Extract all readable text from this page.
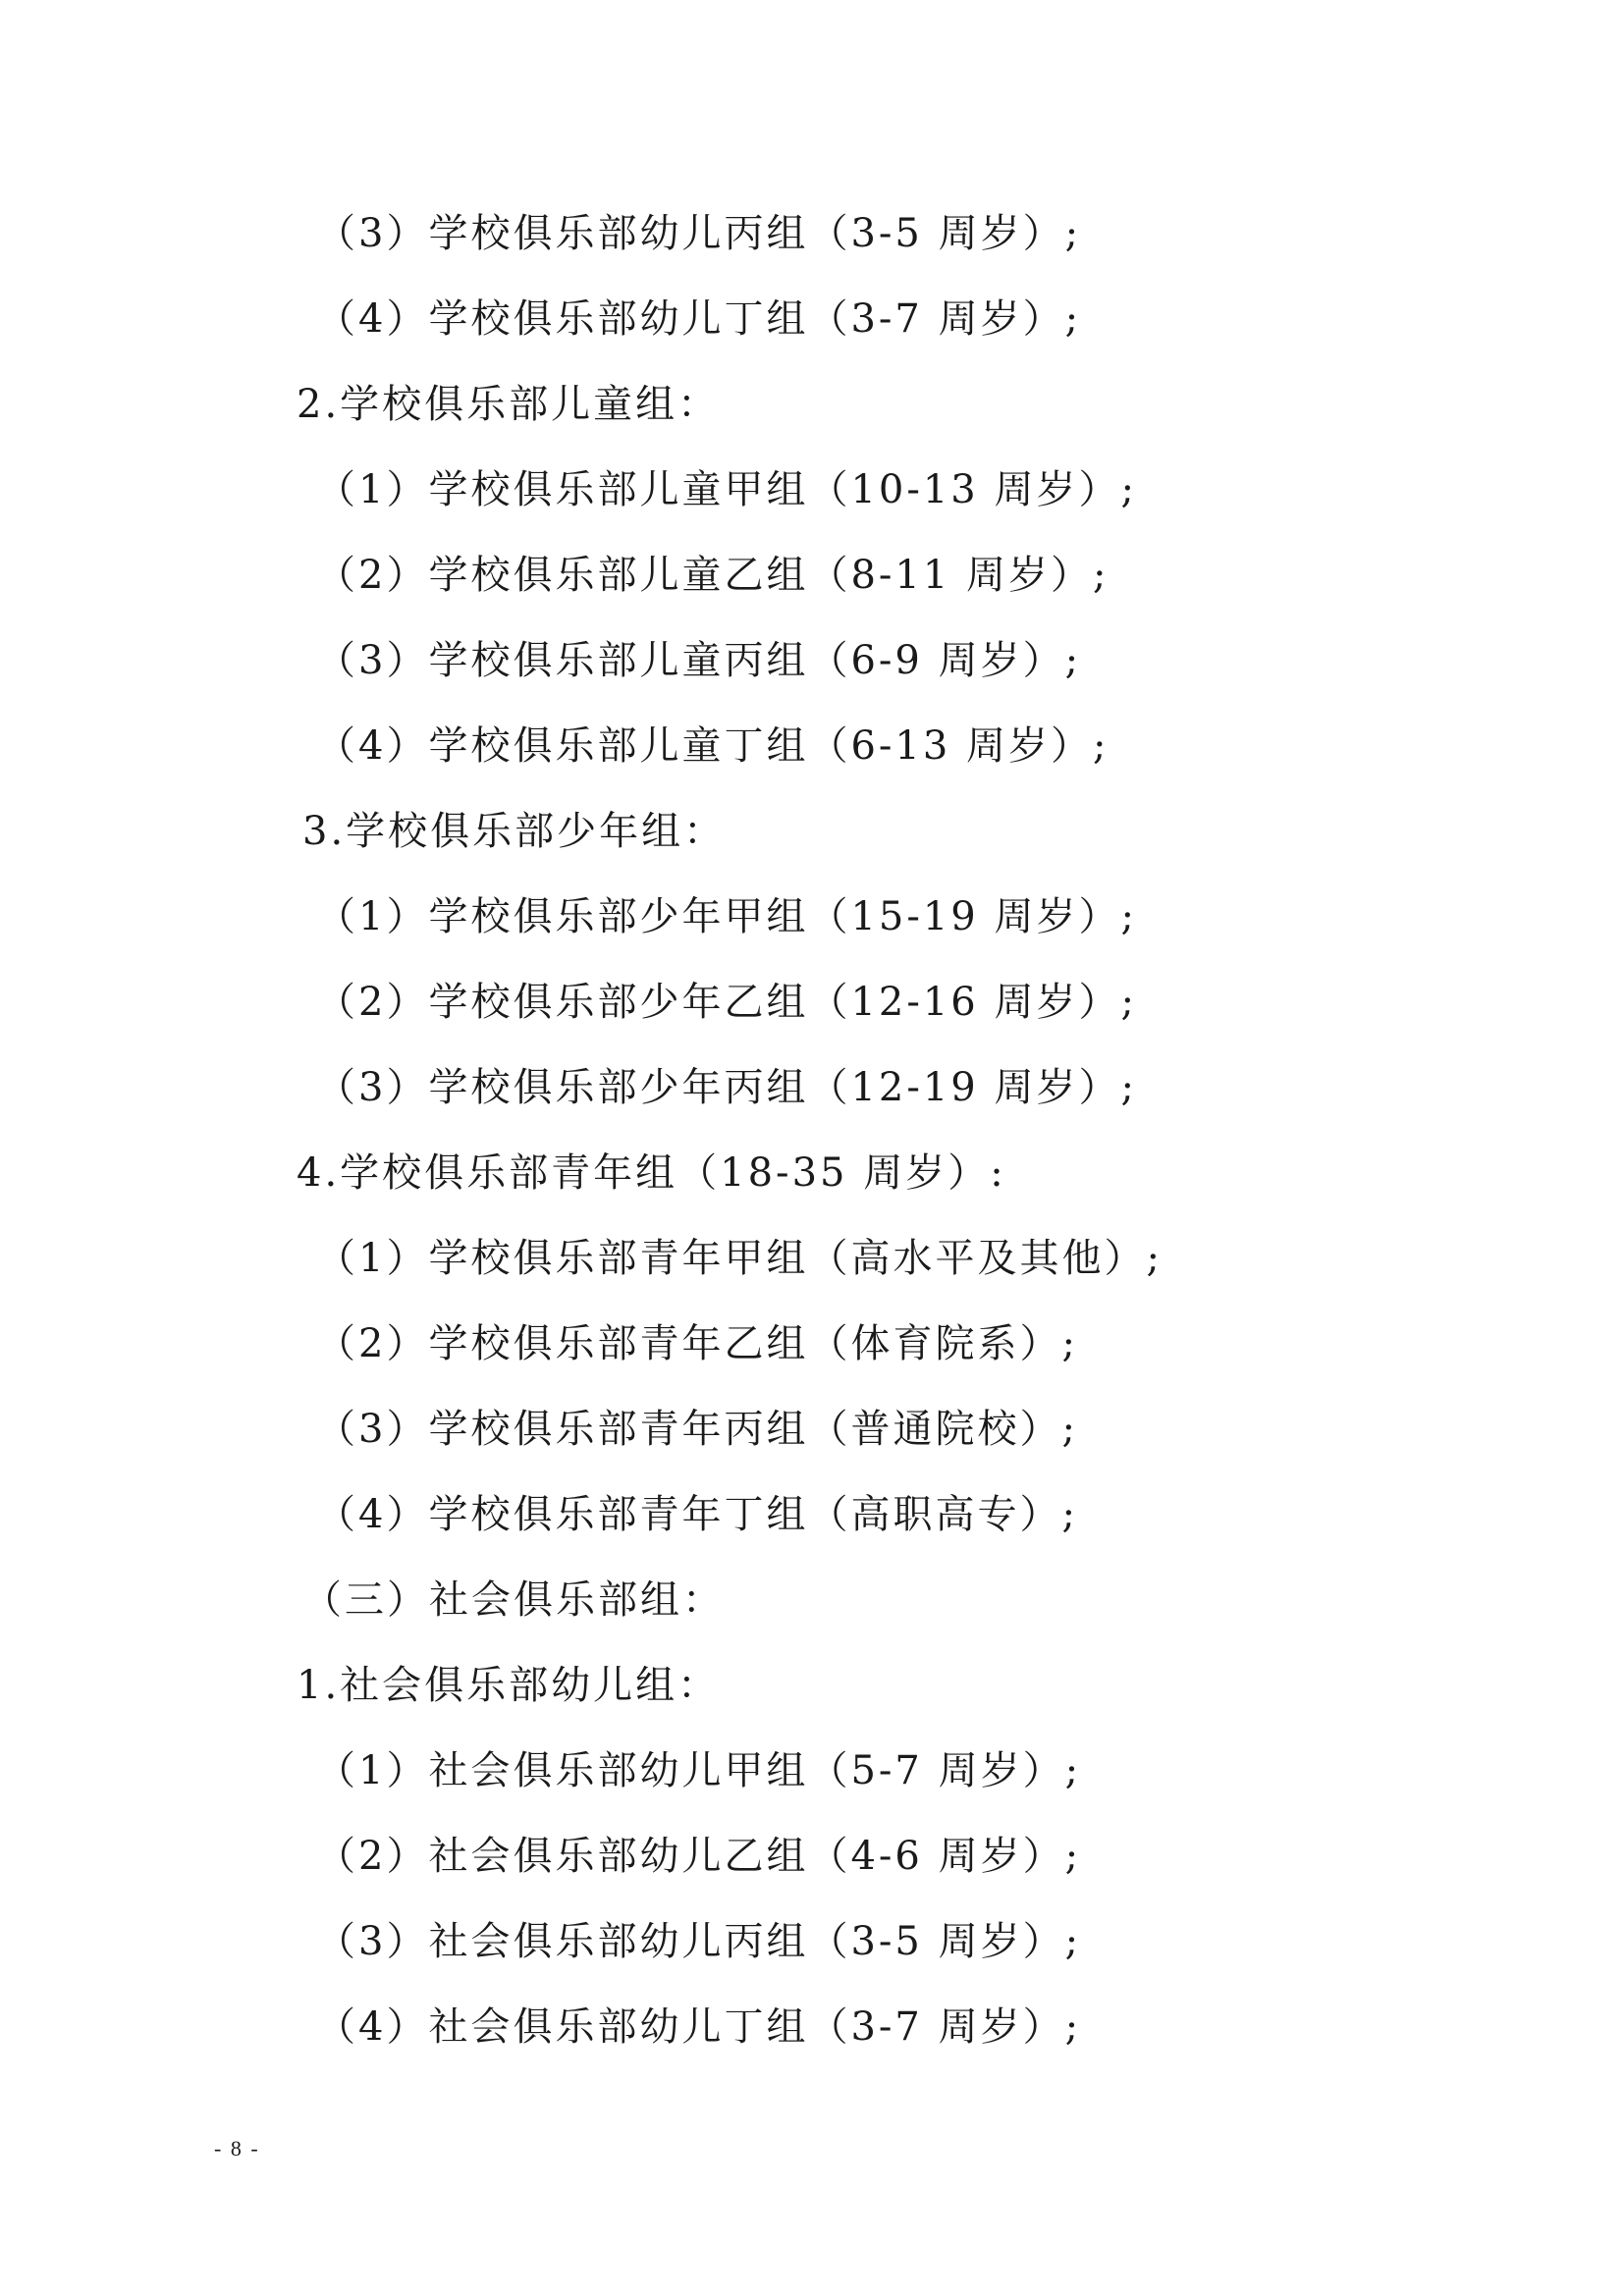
（3）学校俱乐部幼儿丙组（3-5 周岁）;
（4）学校俱乐部幼儿丁组（3-7 周岁）;
2.学校俱乐部儿童组：
（1）学校俱乐部儿童甲组（10-13 周岁）;
（2）学校俱乐部儿童乙组（8-11 周岁）;
（3）学校俱乐部儿童丙组（6-9 周岁）;
（4）学校俱乐部儿童丁组（6-13 周岁）;
3.学校俱乐部少年组：
（1）学校俱乐部少年甲组（15-19 周岁）;
（2）学校俱乐部少年乙组（12-16 周岁）;
（3）学校俱乐部少年丙组（12-19 周岁）;
4.学校俱乐部青年组（18-35 周岁）:
（1）学校俱乐部青年甲组（高水平及其他）;
（2）学校俱乐部青年乙组（体育院系）;
（3）学校俱乐部青年丙组（普通院校）;
（4）学校俱乐部青年丁组（高职高专）;
（三）社会俱乐部组：
1.社会俱乐部幼儿组：
（1）社会俱乐部幼儿甲组（5-7 周岁）;
（2）社会俱乐部幼儿乙组（4-6 周岁）;
（3）社会俱乐部幼儿丙组（3-5 周岁）;
（4）社会俱乐部幼儿丁组（3-7 周岁）;
- 8 -
